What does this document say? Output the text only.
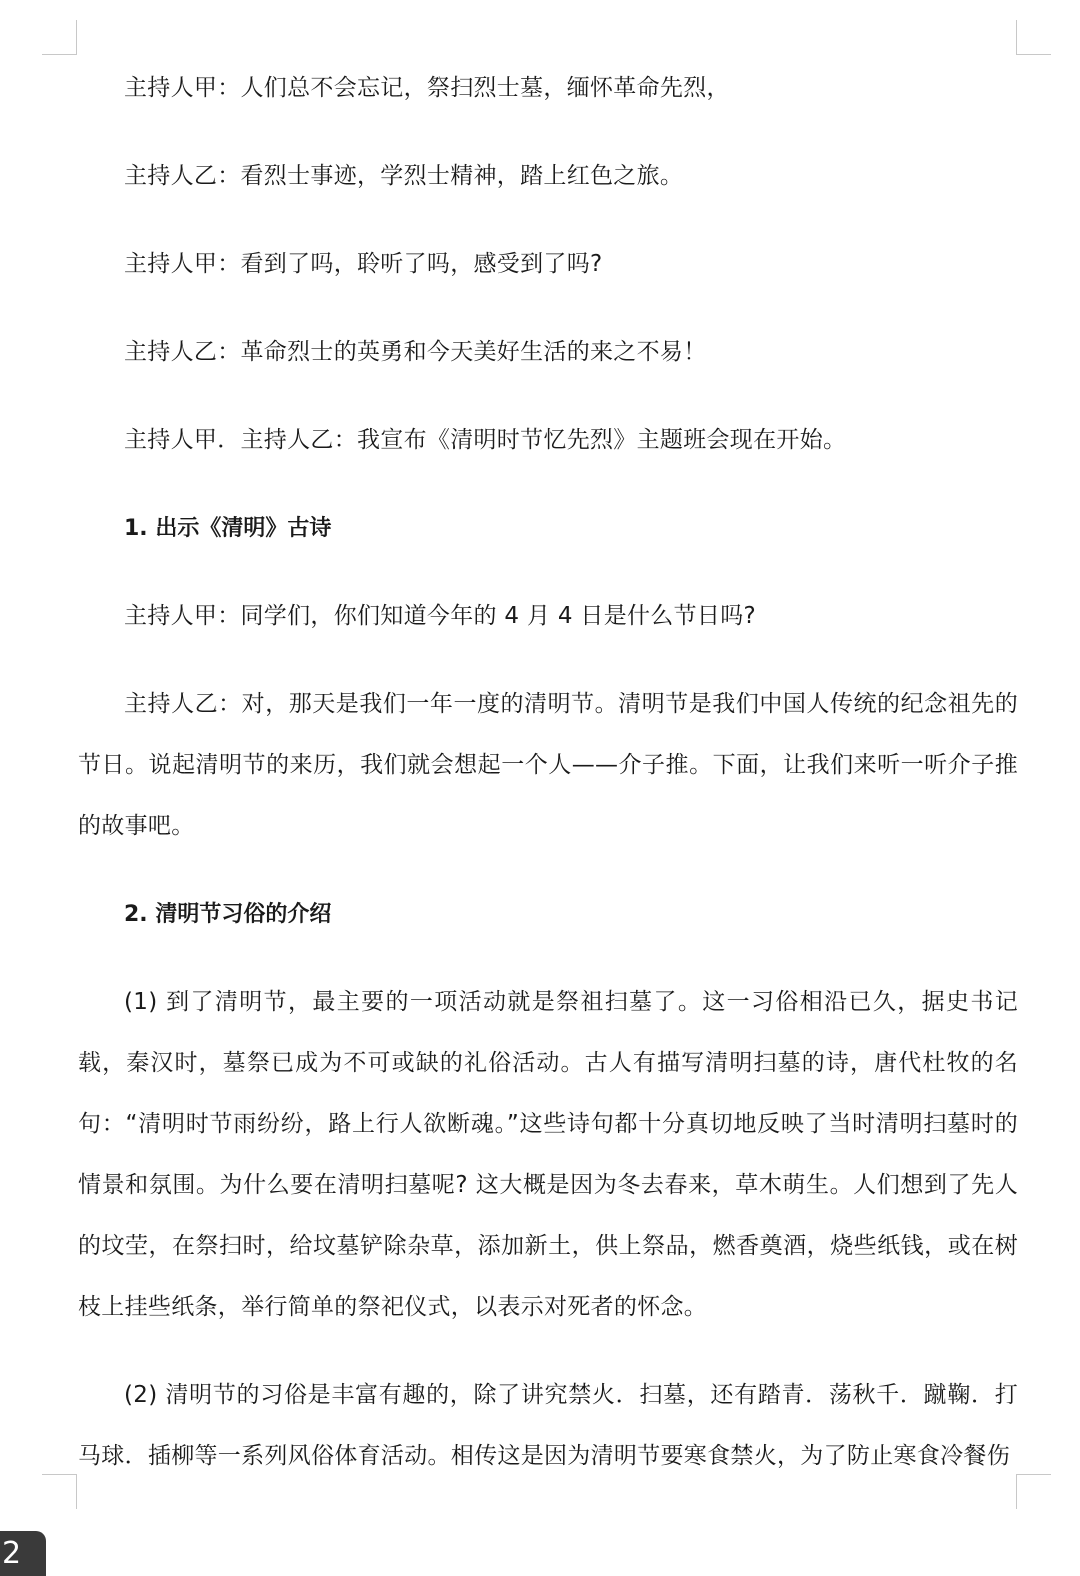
主持人甲：人们总不会忘记，祭扫烈士墓，缅怀革命先烈，

主持人乙：看烈士事迹，学烈士精神，踏上红色之旅。

主持人甲：看到了吗，聆听了吗，感受到了吗?

主持人乙：革命烈士的英勇和今天美好生活的来之不易！

主持人甲．主持人乙：我宣布《清明时节忆先烈》主题班会现在开始。

1. 出示《清明》古诗

主持人甲：同学们，你们知道今年的 4 月 4 日是什么节日吗?

主持人乙：对，那天是我们一年一度的清明节。清明节是我们中国人传统的纪念祖先的节日。说起清明节的来历，我们就会想起一个人——介子推。下面，让我们来听一听介子推的故事吧。

2. 清明节习俗的介绍

(1) 到了清明节，最主要的一项活动就是祭祖扫墓了。这一习俗相沿已久，据史书记载，秦汉时，墓祭已成为不可或缺的礼俗活动。古人有描写清明扫墓的诗，唐代杜牧的名句：“清明时节雨纷纷，路上行人欲断魂。”这些诗句都十分真切地反映了当时清明扫墓时的情景和氛围。为什么要在清明扫墓呢? 这大概是因为冬去春来，草木萌生。人们想到了先人的坟茔，在祭扫时，给坟墓铲除杂草，添加新土，供上祭品，燃香奠酒，烧些纸钱，或在树枝上挂些纸条，举行简单的祭祀仪式，以表示对死者的怀念。

(2) 清明节的习俗是丰富有趣的，除了讲究禁火．扫墓，还有踏青．荡秋千．蹴鞠．打马球．插柳等一系列风俗体育活动。相传这是因为清明节要寒食禁火，为了防止寒食冷餐伤

2
